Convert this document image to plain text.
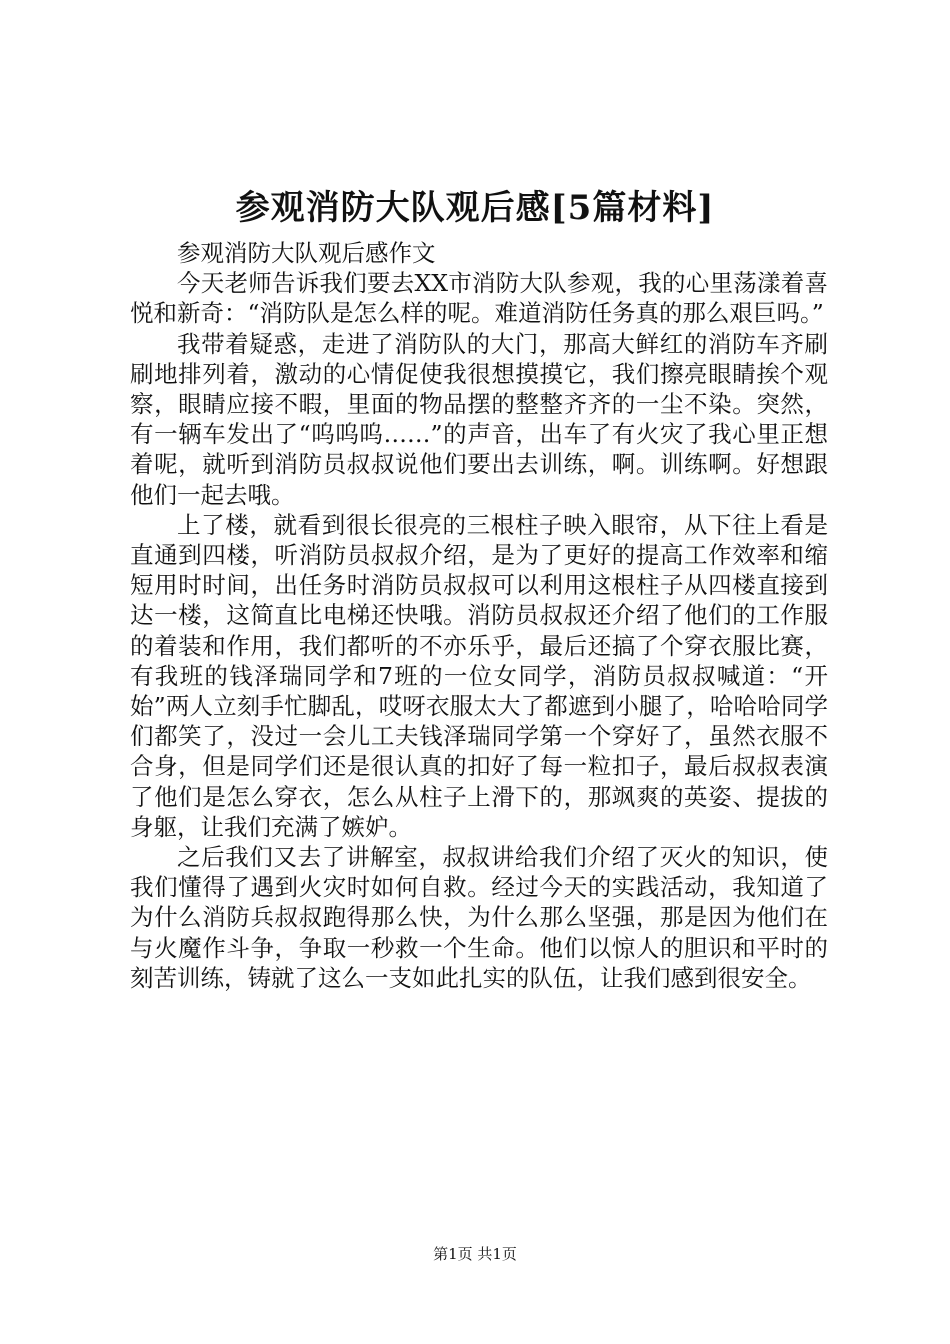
参观消防大队观后感[5篇材料]

参观消防大队观后感作文

今天老师告诉我们要去XX市消防大队参观，我的心里荡漾着喜悦和新奇：“消防队是怎么样的呢。难道消防任务真的那么艰巨吗。”

我带着疑惑，走进了消防队的大门，那高大鲜红的消防车齐刷刷地排列着，激动的心情促使我很想摸摸它，我们擦亮眼睛挨个观察，眼睛应接不暇，里面的物品摆的整整齐齐的一尘不染。突然，有一辆车发出了“呜呜呜……”的声音，出车了有火灾了我心里正想着呢，就听到消防员叔叔说他们要出去训练，啊。训练啊。好想跟他们一起去哦。

上了楼，就看到很长很亮的三根柱子映入眼帘，从下往上看是直通到四楼，听消防员叔叔介绍，是为了更好的提高工作效率和缩短用时时间，出任务时消防员叔叔可以利用这根柱子从四楼直接到达一楼，这简直比电梯还快哦。消防员叔叔还介绍了他们的工作服的着装和作用，我们都听的不亦乐乎，最后还搞了个穿衣服比赛，有我班的钱泽瑞同学和7班的一位女同学，消防员叔叔喊道：“开始”两人立刻手忙脚乱，哎呀衣服太大了都遮到小腿了，哈哈哈同学们都笑了，没过一会儿工夫钱泽瑞同学第一个穿好了，虽然衣服不合身，但是同学们还是很认真的扣好了每一粒扣子，最后叔叔表演了他们是怎么穿衣，怎么从柱子上滑下的，那飒爽的英姿、提拔的身躯，让我们充满了嫉妒。

之后我们又去了讲解室，叔叔讲给我们介绍了灭火的知识，使我们懂得了遇到火灾时如何自救。经过今天的实践活动，我知道了为什么消防兵叔叔跑得那么快，为什么那么坚强，那是因为他们在与火魔作斗争，争取一秒救一个生命。他们以惊人的胆识和平时的刻苦训练，铸就了这么一支如此扎实的队伍，让我们感到很安全。

第1页 共1页
